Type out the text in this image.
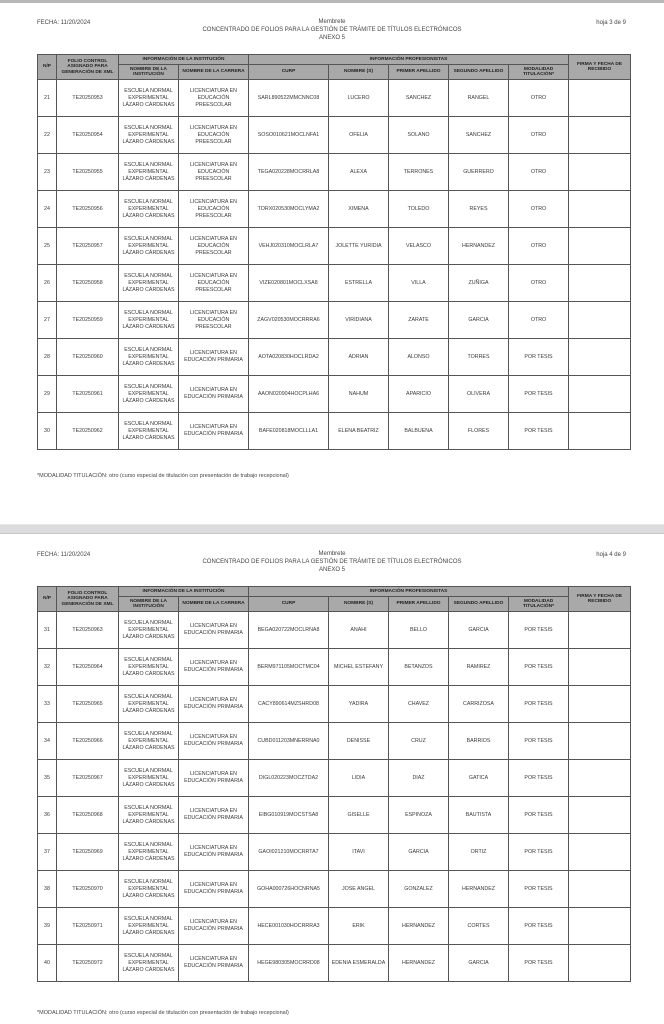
FECHA: 11/20/2024	Membrete
CONCENTRADO DE FOLIOS PARA LA GESTIÓN DE TRÁMITE DE TÍTULOS ELECTRÓNICOS
ANEXO 5
hoja 3 de 9
N/P	FOLIO CONTROL ASIGNADO PARA GENERACIÓN DE XML	INFORMACIÓN DE LA INSTITUCIÓN		INFORMACIÓN PROFESIONISTAS					FIRMA Y FECHA DE RECIBIDO
		NOMBRE DE LA INSTITUCIÓN	NOMBRE DE LA CARRERA	CURP	NOMBRE (S)	PRIMER APELLIDO	SEGUNDO APELLIDO	MODALIDAD TITULACIÓN*	
21	TE20250953	ESCUELA NORMAL EXPERIMENTAL LÁZARO CÁRDENAS	LICENCIATURA EN EDUCACIÓN PREESCOLAR	SARL890522MMCNNC08	LUCERO	SANCHEZ	RANGEL	OTRO	
22	TE20250954	ESCUELA NORMAL EXPERIMENTAL LÁZARO CÁRDENAS	LICENCIATURA EN EDUCACIÓN PREESCOLAR	SOSO010621MOCLNFA1	OFELIA	SOLANO	SANCHEZ	OTRO	
23	TE20250955	ESCUELA NORMAL EXPERIMENTAL LÁZARO CÁRDENAS	LICENCIATURA EN EDUCACIÓN PREESCOLAR	TEGA020228MOCRRLA8	ALEXA	TERRONES	GUERRERO	OTRO	
24	TE20250956	ESCUELA NORMAL EXPERIMENTAL LÁZARO CÁRDENAS	LICENCIATURA EN EDUCACIÓN PREESCOLAR	TORX020530MOCLYMA2	XIMENA	TOLEDO	REYES	OTRO	
25	TE20250957	ESCUELA NORMAL EXPERIMENTAL LÁZARO CÁRDENAS	LICENCIATURA EN EDUCACIÓN PREESCOLAR	VEHJ020310MOCLRLA7	JOLETTE YURIDIA	VELASCO	HERNANDEZ	OTRO	
26	TE20250958	ESCUELA NORMAL EXPERIMENTAL LÁZARO CÁRDENAS	LICENCIATURA EN EDUCACIÓN PREESCOLAR	VIZE020801MOCLXSA8	ESTRELLA	VILLA	ZUÑIGA	OTRO	
27	TE20250959	ESCUELA NORMAL EXPERIMENTAL LÁZARO CÁRDENAS	LICENCIATURA EN EDUCACIÓN PREESCOLAR	ZAGV020530MOCRRRA6	VIRIDIANA	ZARATE	GARCIA	OTRO	
28	TE20250960	ESCUELA NORMAL EXPERIMENTAL LÁZARO CÁRDENAS	LICENCIATURA EN EDUCACIÓN PRIMARIA	AOTA020830HOCLRDA2	ADRIAN	ALONSO	TORRES	POR TESIS	
29	TE20250961	ESCUELA NORMAL EXPERIMENTAL LÁZARO CÁRDENAS	LICENCIATURA EN EDUCACIÓN PRIMARIA	AAON020904HOCPLHA6	NAHUM	APARICIO	OLIVERA	POR TESIS	
30	TE20250962	ESCUELA NORMAL EXPERIMENTAL LÁZARO CÁRDENAS	LICENCIATURA EN EDUCACIÓN PRIMARIA	BAFE020818MOCLLLA1	ELENA BEATRIZ	BALBUENA	FLORES	POR TESIS	
*MODALIDAD TITULACIÓN: otro (curso especial de titulación con presentación de trabajo recepcional)
FECHA: 11/20/2024	Membrete
CONCENTRADO DE FOLIOS PARA LA GESTIÓN DE TRÁMITE DE TÍTULOS ELECTRÓNICOS
ANEXO 5
hoja 4 de 9
N/P	FOLIO CONTROL ASIGNADO PARA GENERACIÓN DE XML	INFORMACIÓN DE LA INSTITUCIÓN		INFORMACIÓN PROFESIONISTAS					FIRMA Y FECHA DE RECIBIDO
		NOMBRE DE LA INSTITUCIÓN	NOMBRE DE LA CARRERA	CURP	NOMBRE (S)	PRIMER APELLIDO	SEGUNDO APELLIDO	MODALIDAD TITULACIÓN*	
31	TE20250963	ESCUELA NORMAL EXPERIMENTAL LÁZARO CÁRDENAS	LICENCIATURA EN EDUCACIÓN PRIMARIA	BEGA020722MOCLRNA8	ANAHI	BELLO	GARCIA	POR TESIS	
32	TE20250964	ESCUELA NORMAL EXPERIMENTAL LÁZARO CÁRDENAS	LICENCIATURA EN EDUCACIÓN PRIMARIA	BERM971105MOCTMC04	MICHEL ESTEFANY	BETANZOS	RAMIREZ	POR TESIS	
33	TE20250965	ESCUELA NORMAL EXPERIMENTAL LÁZARO CÁRDENAS	LICENCIATURA EN EDUCACIÓN PRIMARIA	CACY890614MZSHRD08	YADIRA	CHAVEZ	CARRIZOSA	POR TESIS	
34	TE20250966	ESCUELA NORMAL EXPERIMENTAL LÁZARO CÁRDENAS	LICENCIATURA EN EDUCACIÓN PRIMARIA	CUBD011203MNERRNA0	DENISSE	CRUZ	BARRIOS	POR TESIS	
35	TE20250967	ESCUELA NORMAL EXPERIMENTAL LÁZARO CÁRDENAS	LICENCIATURA EN EDUCACIÓN PRIMARIA	DIGL020223MOCZTDA2	LIDIA	DIAZ	GATICA	POR TESIS	
36	TE20250968	ESCUELA NORMAL EXPERIMENTAL LÁZARO CÁRDENAS	LICENCIATURA EN EDUCACIÓN PRIMARIA	EIBG010919MOCSTSA8	GISELLE	ESPINOZA	BAUTISTA	POR TESIS	
37	TE20250969	ESCUELA NORMAL EXPERIMENTAL LÁZARO CÁRDENAS	LICENCIATURA EN EDUCACIÓN PRIMARIA	GAOI021210MOCRRTA7	ITAVI	GARCIA	ORTIZ	POR TESIS	
38	TE20250970	ESCUELA NORMAL EXPERIMENTAL LÁZARO CÁRDENAS	LICENCIATURA EN EDUCACIÓN PRIMARIA	GOHA000726HOCNRNA5	JOSE ANGEL	GONZALEZ	HERNANDEZ	POR TESIS	
39	TE20250971	ESCUELA NORMAL EXPERIMENTAL LÁZARO CÁRDENAS	LICENCIATURA EN EDUCACIÓN PRIMARIA	HECE001030HOCRRRA3	ERIK	HERNANDEZ	CORTES	POR TESIS	
40	TE20250972	ESCUELA NORMAL EXPERIMENTAL LÁZARO CÁRDENAS	LICENCIATURA EN EDUCACIÓN PRIMARIA	HEGE980305MOCRRD08	EDENIA ESMERALDA	HERNANDEZ	GARCIA	POR TESIS	
*MODALIDAD TITULACIÓN: otro (curso especial de titulación con presentación de trabajo recepcional)
